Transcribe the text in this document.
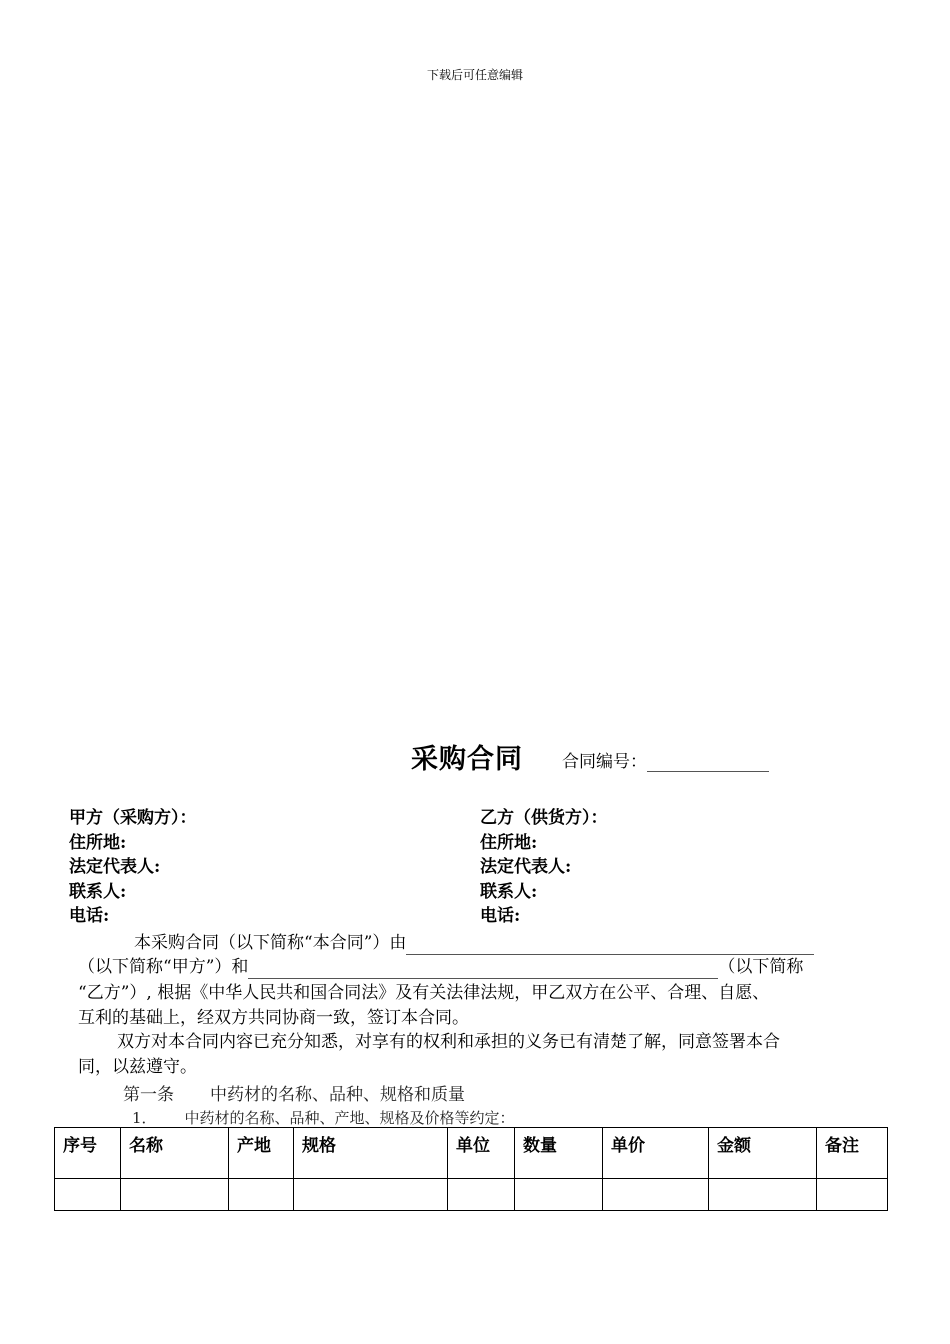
下载后可任意编辑
采购合同 合同编号：
甲方（采购方）：
住所地:
法定代表人:
联系人:
电话:
乙方（供货方）：
住所地:
法定代表人:
联系人:
电话:
本采购合同（以下简称“本合同”）由
（以下简称“甲方”）和	（以下简称
“乙方”）, 根据《中华人民共和国合同法》及有关法律法规，甲乙双方在公平、合理、自愿、
互利的基础上，经双方共同协商一致，签订本合同。
双方对本合同内容已充分知悉，对享有的权利和承担的义务已有清楚了解，同意签署本合
同，以兹遵守。
第一条 中药材的名称、品种、规格和质量
1． 中药材的名称、品种、产地、规格及价格等约定：
序号	名称	产地	规格	单位	数量	单价	金额	备注
